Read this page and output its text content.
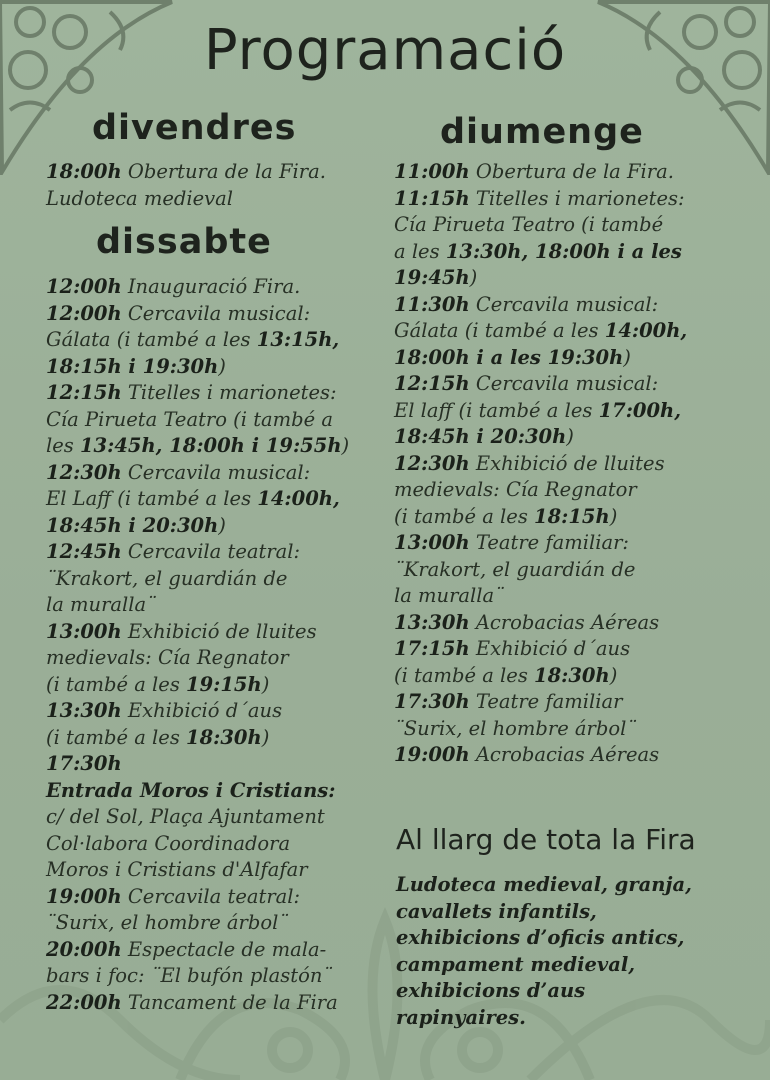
Programació
divendres
18:00h Obertura de la Fira.
Ludoteca medieval
dissabte
12:00h Inauguració Fira.
12:00h Cercavila musical:
Gálata (i també a les 13:15h,
18:15h i 19:30h)
12:15h Titelles i marionetes:
Cía Pirueta Teatro (i també a
les 13:45h, 18:00h i 19:55h)
12:30h Cercavila musical:
El Laff (i també a les 14:00h,
18:45h i 20:30h)
12:45h Cercavila teatral:
¨Krakort, el guardián de
la muralla¨
13:00h Exhibició de lluites
medievals: Cía Regnator
(i també a les 19:15h)
13:30h Exhibició d´aus
(i també a les 18:30h)
17:30h
Entrada Moros i Cristians:
c/ del Sol, Plaça Ajuntament
Col·labora Coordinadora
Moros i Cristians d'Alfafar
19:00h Cercavila teatral:
¨Surix, el hombre árbol¨
20:00h Espectacle de mala-
bars i foc: ¨El bufón plastón¨
22:00h Tancament de la Fira
diumenge
11:00h Obertura de la Fira.
11:15h Titelles i marionetes:
Cía Pirueta Teatro (i també
a les 13:30h, 18:00h i a les
19:45h)
11:30h Cercavila musical:
Gálata (i també a les 14:00h,
18:00h i a les 19:30h)
12:15h Cercavila musical:
El laff (i també a les 17:00h,
18:45h i 20:30h)
12:30h Exhibició de lluites
medievals: Cía Regnator
(i també a les 18:15h)
13:00h Teatre familiar:
¨Krakort, el guardián de
la muralla¨
13:30h Acrobacias Aéreas
17:15h Exhibició d´aus
(i també a les 18:30h)
17:30h Teatre familiar
¨Surix, el hombre árbol¨
19:00h Acrobacias Aéreas
Al llarg de tota la Fira
Ludoteca medieval, granja,
cavallets infantils,
exhibicions d’oficis antics,
campament medieval,
exhibicions d’aus
rapinyaires.
